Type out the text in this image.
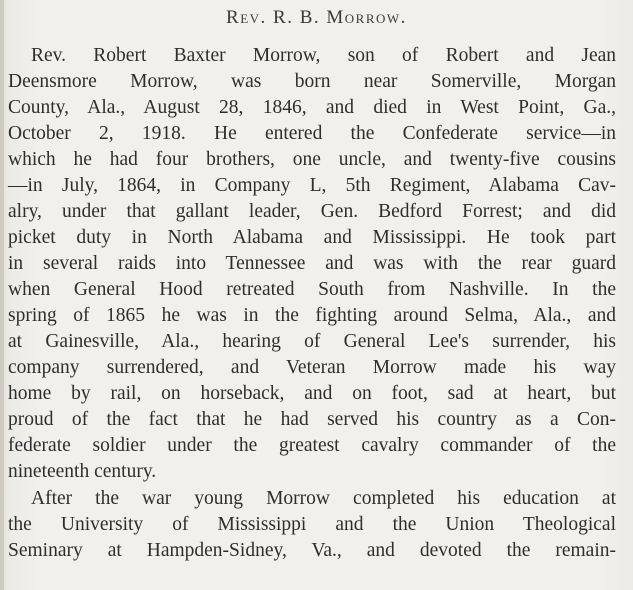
Rev. R. B. Morrow.
Rev. Robert Baxter Morrow, son of Robert and Jean
Deensmore Morrow, was born near Somerville, Morgan
County, Ala., August 28, 1846, and died in West Point, Ga.,
October 2, 1918. He entered the Confederate service—in
which he had four brothers, one uncle, and twenty-five cousins
—in July, 1864, in Company L, 5th Regiment, Alabama Cav-
alry, under that gallant leader, Gen. Bedford Forrest; and did
picket duty in North Alabama and Mississippi. He took part
in several raids into Tennessee and was with the rear guard
when General Hood retreated South from Nashville. In the
spring of 1865 he was in the fighting around Selma, Ala., and
at Gainesville, Ala., hearing of General Lee's surrender, his
company surrendered, and Veteran Morrow made his way
home by rail, on horseback, and on foot, sad at heart, but
proud of the fact that he had served his country as a Con-
federate soldier under the greatest cavalry commander of the
nineteenth century.
After the war young Morrow completed his education at
the University of Mississippi and the Union Theological
Seminary at Hampden-Sidney, Va., and devoted the remain-
